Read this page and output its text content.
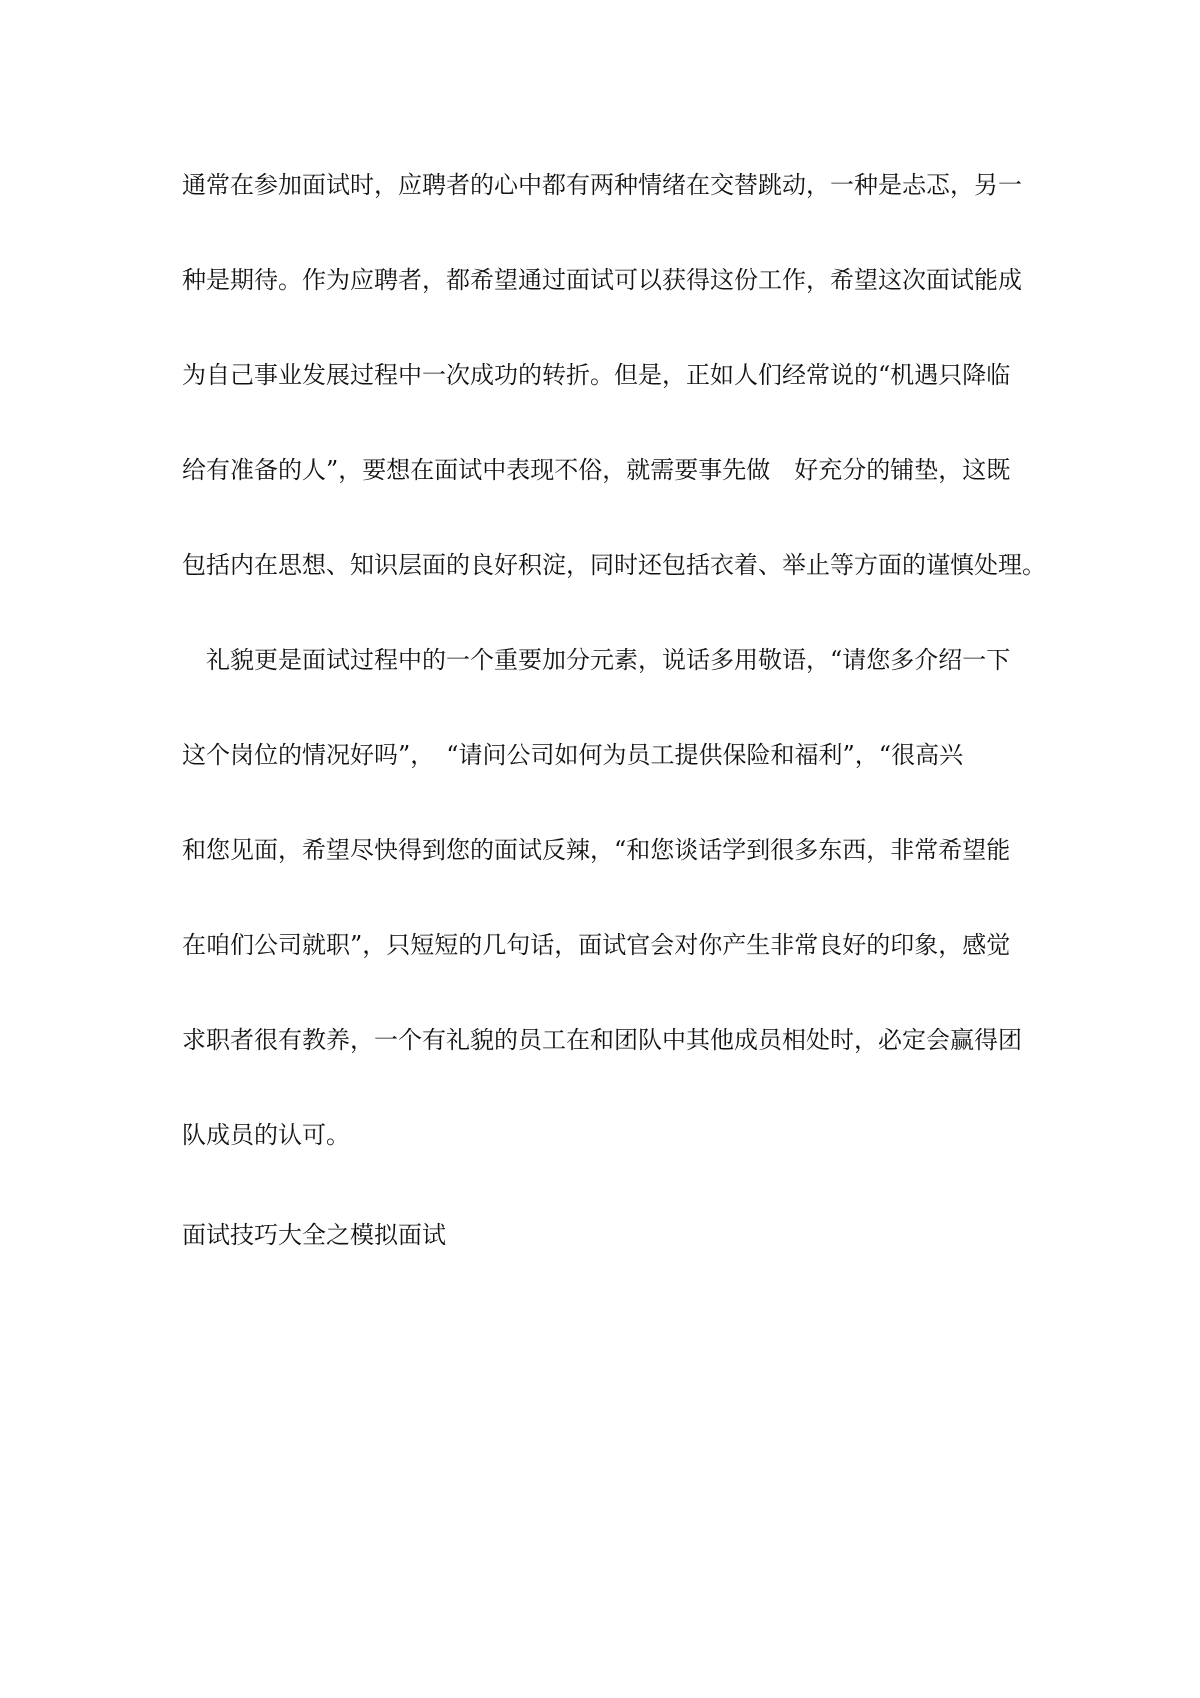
通常在参加面试时，应聘者的心中都有两种情绪在交替跳动，一种是忐忑，另一
种是期待。作为应聘者，都希望通过面试可以获得这份工作，希望这次面试能成
为自己事业发展过程中一次成功的转折。但是，正如人们经常说的“机遇只降临
给有准备的人”，要想在面试中表现不俗，就需要事先做　好充分的铺垫，这既
包括内在思想、知识层面的良好积淀，同时还包括衣着、举止等方面的谨慎处理。
　礼貌更是面试过程中的一个重要加分元素，说话多用敬语，“请您多介绍一下
这个岗位的情况好吗”，　“请问公司如何为员工提供保险和福利”，“很高兴
和您见面，希望尽快得到您的面试反辣，“和您谈话学到很多东西，非常希望能
在咱们公司就职”，只短短的几句话，面试官会对你产生非常良好的印象，感觉
求职者很有教养，一个有礼貌的员工在和团队中其他成员相处时，必定会赢得团
队成员的认可。
面试技巧大全之模拟面试
